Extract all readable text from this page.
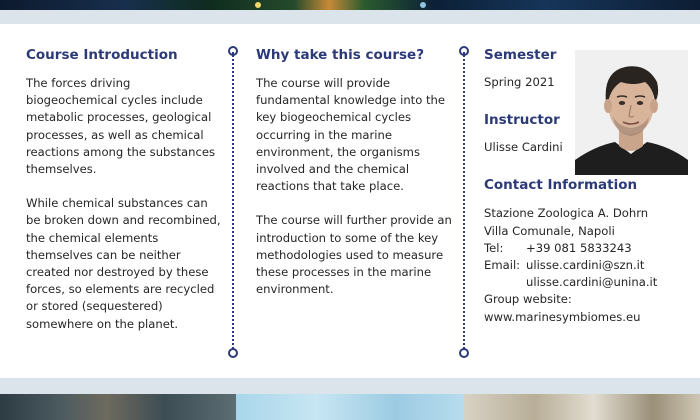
Course Introduction

The forces driving biogeochemical cycles include metabolic processes, geological processes, as well as chemical reactions among the substances themselves.

While chemical substances can be broken down and recombined, the chemical elements themselves can be neither created nor destroyed by these forces, so elements are recycled or stored (sequestered) somewhere on the planet.

Why take this course?

The course will provide fundamental knowledge into the key biogeochemical cycles occurring in the marine environment, the organisms involved and the chemical reactions that take place.

The course will further provide an introduction to some of the key methodologies used to measure these processes in the marine environment.

Semester

Spring 2021

Instructor

Ulisse Cardini

Contact Information
Stazione Zoologica A. Dohrn
Villa Comunale, Napoli
Tel: +39 081 5833243
Email: ulisse.cardini@szn.it
ulisse.cardini@unina.it
Group website:
www.marinesymbiomes.eu
